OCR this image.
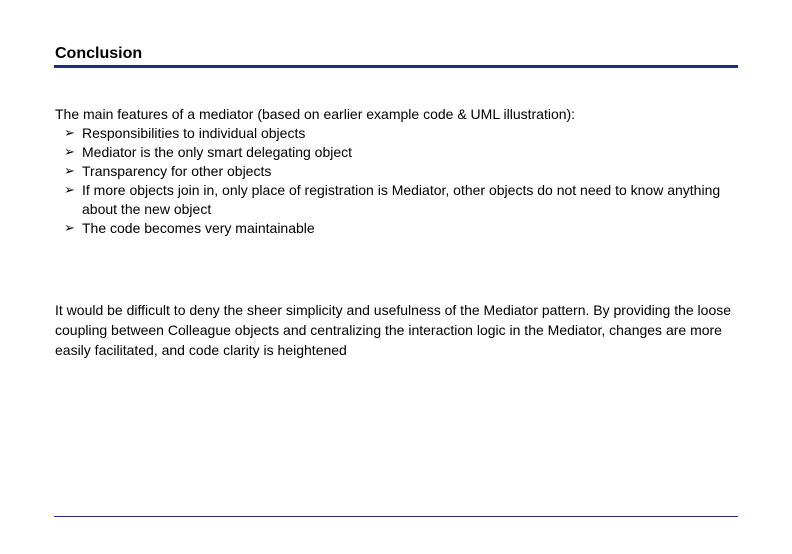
Conclusion
The main features of a mediator (based on earlier example code & UML illustration):
➢ Responsibilities to individual objects
➢ Mediator is the only smart delegating object
➢ Transparency for other objects
➢ If more objects join in, only place of registration is Mediator, other objects do not need to know anything about the new object
➢ The code becomes very maintainable
It would be difficult to deny the sheer simplicity and usefulness of the Mediator pattern. By providing the loose coupling between Colleague objects and centralizing the interaction logic in the Mediator, changes are more easily facilitated, and code clarity is heightened
